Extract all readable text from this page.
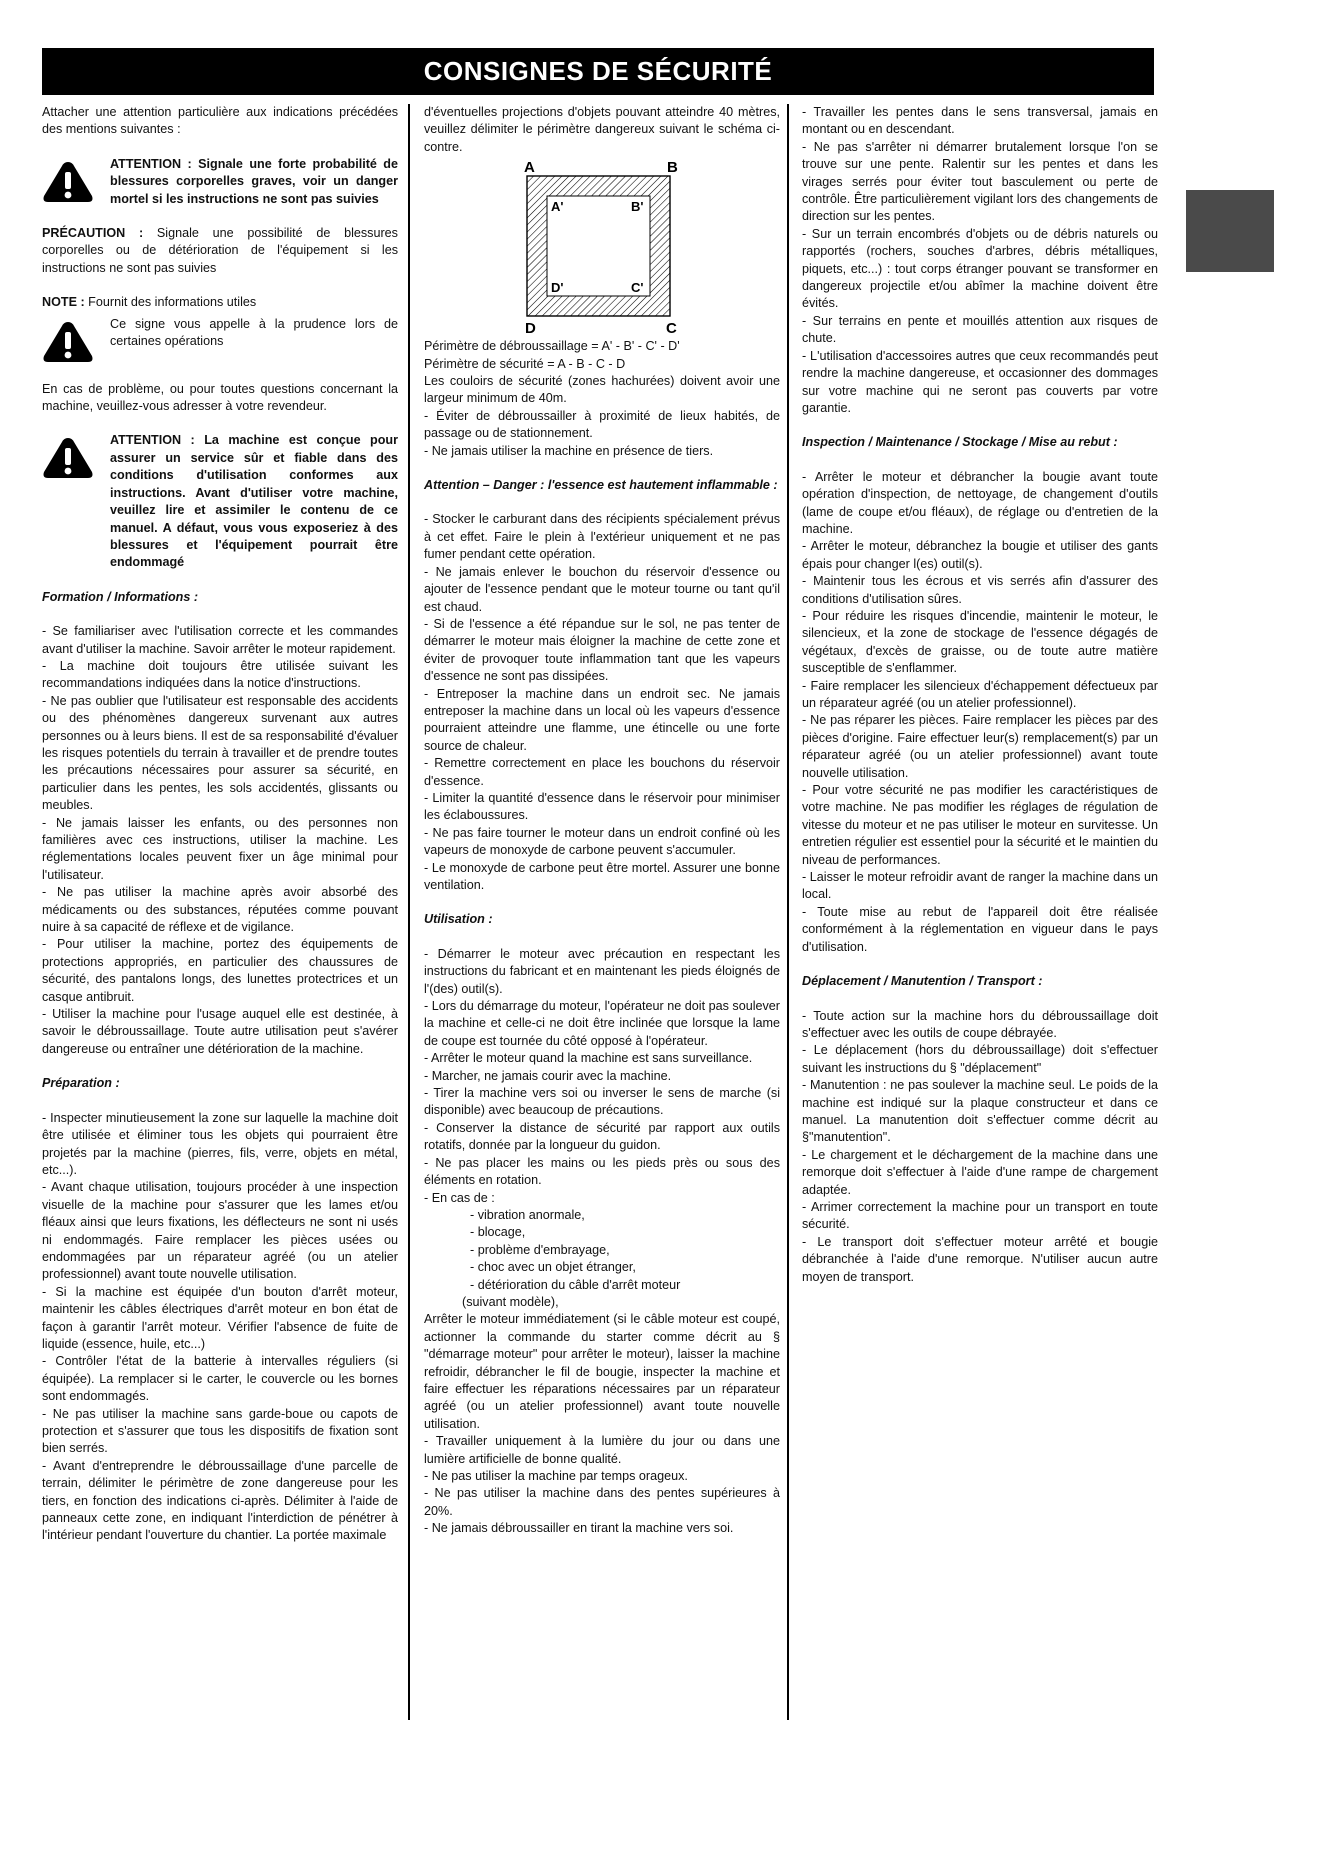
CONSIGNES DE SÉCURITÉ

Attacher une attention particulière aux indications précédées des mentions suivantes :

ATTENTION : Signale une forte probabilité de blessures corporelles graves, voir un danger mortel si les instructions ne sont pas suivies

PRÉCAUTION : Signale une possibilité de blessures corporelles ou de détérioration de l'équipement si les instructions ne sont pas suivies

NOTE : Fournit des informations utiles

Ce signe vous appelle à la prudence lors de certaines opérations

En cas de problème, ou pour toutes questions concernant la machine, veuillez-vous adresser à votre revendeur.

ATTENTION : La machine est conçue pour assurer un service sûr et fiable dans des conditions d'utilisation conformes aux instructions. Avant d'utiliser votre machine, veuillez lire et assimiler le contenu de ce manuel. A défaut, vous vous exposeriez à des blessures et l'équipement pourrait être endommagé

Formation / Informations :

- Se familiariser avec l'utilisation correcte et les commandes avant d'utiliser la machine. Savoir arrêter le moteur rapidement.

- La machine doit toujours être utilisée suivant les recommandations indiquées dans la notice d'instructions.

- Ne pas oublier que l'utilisateur est responsable des accidents ou des phénomènes dangereux survenant aux autres personnes ou à leurs biens. Il est de sa responsabilité d'évaluer les risques potentiels du terrain à travailler et de prendre toutes les précautions nécessaires pour assurer sa sécurité, en particulier dans les pentes, les sols accidentés, glissants ou meubles.

- Ne jamais laisser les enfants, ou des personnes non familières avec ces instructions, utiliser la machine. Les réglementations locales peuvent fixer un âge minimal pour l'utilisateur.

- Ne pas utiliser la machine après avoir absorbé des médicaments ou des substances, réputées comme pouvant nuire à sa capacité de réflexe et de vigilance.

- Pour utiliser la machine, portez des équipements de protections appropriés, en particulier des chaussures de sécurité, des pantalons longs, des lunettes protectrices et un casque antibruit.

- Utiliser la machine pour l'usage auquel elle est destinée, à savoir le débroussaillage. Toute autre utilisation peut s'avérer dangereuse ou entraîner une détérioration de la machine.

Préparation :

- Inspecter minutieusement la zone sur laquelle la machine doit être utilisée et éliminer tous les objets qui pourraient être projetés par la machine (pierres, fils, verre, objets en métal, etc...).

- Avant chaque utilisation, toujours procéder à une inspection visuelle de la machine pour s'assurer que les lames et/ou fléaux ainsi que leurs fixations, les déflecteurs ne sont ni usés ni endommagés. Faire remplacer les pièces usées ou endommagées par un réparateur agréé (ou un atelier professionnel) avant toute nouvelle utilisation.

- Si la machine est équipée d'un bouton d'arrêt moteur, maintenir les câbles électriques d'arrêt moteur en bon état de façon à garantir l'arrêt moteur. Vérifier l'absence de fuite de liquide (essence, huile, etc...)

- Contrôler l'état de la batterie à intervalles réguliers (si équipée). La remplacer si le carter, le couvercle ou les bornes sont endommagés.

- Ne pas utiliser la machine sans garde-boue ou capots de protection et s'assurer que tous les dispositifs de fixation sont bien serrés.

- Avant d'entreprendre le débroussaillage d'une parcelle de terrain, délimiter le périmètre de zone dangereuse pour les tiers, en fonction des indications ci-après. Délimiter à l'aide de panneaux cette zone, en indiquant l'interdiction de pénétrer à l'intérieur pendant l'ouverture du chantier. La portée maximale

d'éventuelles projections d'objets pouvant atteindre 40 mètres, veuillez délimiter le périmètre dangereux suivant le schéma ci-contre.

A	B
C
D
A'	B'
C'
D'

Périmètre de débroussaillage = A' - B' - C' - D'

Périmètre de sécurité = A - B - C - D

Les couloirs de sécurité (zones hachurées) doivent avoir une largeur minimum de 40m.

- Éviter de débroussailler à proximité de lieux habités, de passage ou de stationnement.

- Ne jamais utiliser la machine en présence de tiers.

Attention – Danger : l'essence est hautement inflammable :

- Stocker le carburant dans des récipients spécialement prévus à cet effet. Faire le plein à l'extérieur uniquement et ne pas fumer pendant cette opération.

- Ne jamais enlever le bouchon du réservoir d'essence ou ajouter de l'essence pendant que le moteur tourne ou tant qu'il est chaud.

- Si de l'essence a été répandue sur le sol, ne pas tenter de démarrer le moteur mais éloigner la machine de cette zone et éviter de provoquer toute inflammation tant que les vapeurs d'essence ne sont pas dissipées.

- Entreposer la machine dans un endroit sec. Ne jamais entreposer la machine dans un local où les vapeurs d'essence pourraient atteindre une flamme, une étincelle ou une forte source de chaleur.

- Remettre correctement en place les bouchons du réservoir d'essence.

- Limiter la quantité d'essence dans le réservoir pour minimiser les éclaboussures.

- Ne pas faire tourner le moteur dans un endroit confiné où les vapeurs de monoxyde de carbone peuvent s'accumuler.

- Le monoxyde de carbone peut être mortel. Assurer une bonne ventilation.

Utilisation :

- Démarrer le moteur avec précaution en respectant les instructions du fabricant et en maintenant les pieds éloignés de l'(des) outil(s).

- Lors du démarrage du moteur, l'opérateur ne doit pas soulever la machine et celle-ci ne doit être inclinée que lorsque la lame de coupe est tournée du côté opposé à l'opérateur.

- Arrêter le moteur quand la machine est sans surveillance.

- Marcher, ne jamais courir avec la machine.

- Tirer la machine vers soi ou inverser le sens de marche (si disponible) avec beaucoup de précautions.

- Conserver la distance de sécurité par rapport aux outils rotatifs, donnée par la longueur du guidon.

- Ne pas placer les mains ou les pieds près ou sous des éléments en rotation.

- En cas de :

- vibration anormale,

- blocage,

- problème d'embrayage,

- choc avec un objet étranger,

- détérioration du câble d'arrêt moteur

(suivant modèle),

Arrêter le moteur immédiatement (si le câble moteur est coupé, actionner la commande du starter comme décrit au § "démarrage moteur" pour arrêter le moteur), laisser la machine refroidir, débrancher le fil de bougie, inspecter la machine et faire effectuer les réparations nécessaires par un réparateur agréé (ou un atelier professionnel) avant toute nouvelle utilisation.

- Travailler uniquement à la lumière du jour ou dans une lumière artificielle de bonne qualité.

- Ne pas utiliser la machine par temps orageux.

- Ne pas utiliser la machine dans des pentes supérieures à 20%.

- Ne jamais débroussailler en tirant la machine vers soi.

- Travailler les pentes dans le sens transversal, jamais en montant ou en descendant.

- Ne pas s'arrêter ni démarrer brutalement lorsque l'on se trouve sur une pente. Ralentir sur les pentes et dans les virages serrés pour éviter tout basculement ou perte de contrôle. Être particulièrement vigilant lors des changements de direction sur les pentes.

- Sur un terrain encombrés d'objets ou de débris naturels ou rapportés (rochers, souches d'arbres, débris métalliques, piquets, etc...) : tout corps étranger pouvant se transformer en dangereux projectile et/ou abîmer la machine doivent être évités.

- Sur terrains en pente et mouillés attention aux risques de chute.

- L'utilisation d'accessoires autres que ceux recommandés peut rendre la machine dangereuse, et occasionner des dommages sur votre machine qui ne seront pas couverts par votre garantie.

Inspection / Maintenance / Stockage / Mise au rebut :

- Arrêter le moteur et débrancher la bougie avant toute opération d'inspection, de nettoyage, de changement d'outils (lame de coupe et/ou fléaux), de réglage ou d'entretien de la machine.

- Arrêter le moteur, débranchez la bougie et utiliser des gants épais pour changer l(es) outil(s).

- Maintenir tous les écrous et vis serrés afin d'assurer des conditions d'utilisation sûres.

- Pour réduire les risques d'incendie, maintenir le moteur, le silencieux, et la zone de stockage de l'essence dégagés de végétaux, d'excès de graisse, ou de toute autre matière susceptible de s'enflammer.

- Faire remplacer les silencieux d'échappement défectueux par un réparateur agréé (ou un atelier professionnel).

- Ne pas réparer les pièces. Faire remplacer les pièces par des pièces d'origine. Faire effectuer leur(s) remplacement(s) par un réparateur agréé (ou un atelier professionnel) avant toute nouvelle utilisation.

- Pour votre sécurité ne pas modifier les caractéristiques de votre machine. Ne pas modifier les réglages de régulation de vitesse du moteur et ne pas utiliser le moteur en survitesse. Un entretien régulier est essentiel pour la sécurité et le maintien du niveau de performances.

- Laisser le moteur refroidir avant de ranger la machine dans un local.

- Toute mise au rebut de l'appareil doit être réalisée conformément à la réglementation en vigueur dans le pays d'utilisation.

Déplacement / Manutention / Transport :

- Toute action sur la machine hors du débroussaillage doit s'effectuer avec les outils de coupe débrayée.

- Le déplacement (hors du débroussaillage) doit s'effectuer suivant les instructions du § "déplacement"

- Manutention : ne pas soulever la machine seul. Le poids de la machine est indiqué sur la plaque constructeur et dans ce manuel. La manutention doit s'effectuer comme décrit au §"manutention".

- Le chargement et le déchargement de la machine dans une remorque doit s'effectuer à l'aide d'une rampe de chargement adaptée.

- Arrimer correctement la machine pour un transport en toute sécurité.

- Le transport doit s'effectuer moteur arrêté et bougie débranchée à l'aide d'une remorque. N'utiliser aucun autre moyen de transport.
